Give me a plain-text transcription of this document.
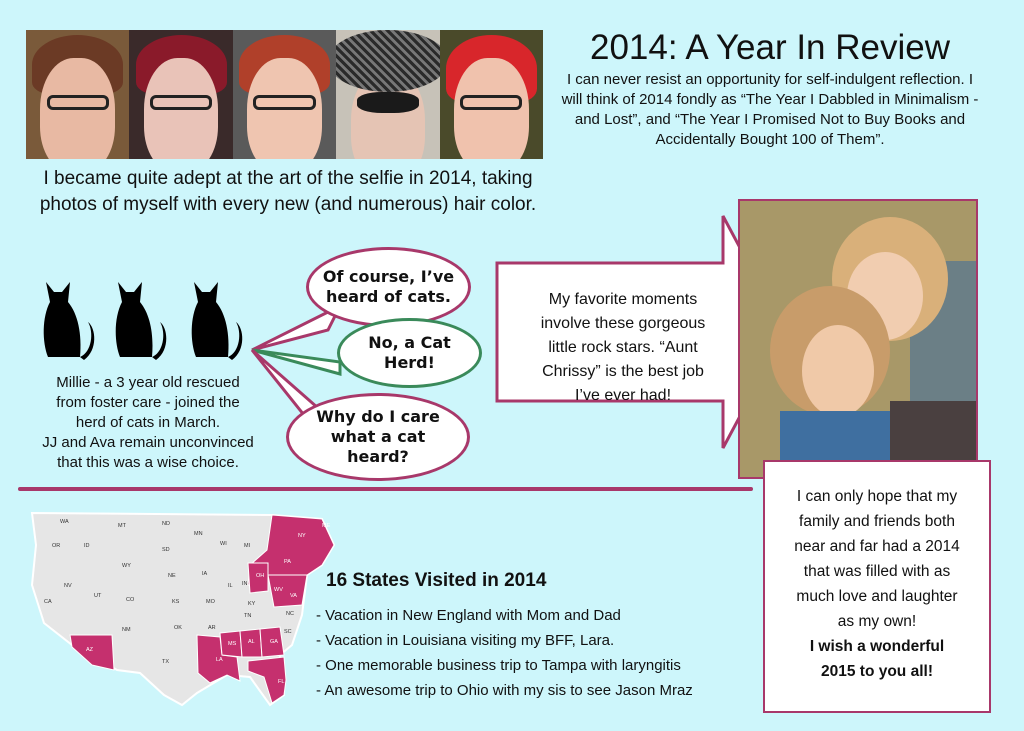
I became quite adept at the art of the selfie in 2014, taking
photos of myself with every new (and numerous) hair color.
2014: A Year In Review
I can never resist an opportunity for self-indulgent reflection. I will think of 2014 fondly as “The Year I Dabbled in Minimalism - and Lost”, and “The Year I Promised Not to Buy Books and Accidentally Bought 100 of Them”.
Millie - a 3 year old rescued
from foster care - joined the
herd of cats in March.
JJ and Ava remain unconvinced
that this was a wise choice.
Of course, I’ve
heard of cats.
No, a Cat
Herd!
Why do I care
what a cat
heard?
My favorite moments
involve these gorgeous
little rock stars. “Aunt
Chrissy” is the best job
I’ve ever had!
I can only hope that my
family and friends both
near and far had a 2014
that was filled with as
much love and laughter
as my own!
I wish a wonderful
2015 to you all!
WA
OR	ID
MT	ND
MN
WI	MI
NY
ME
SD
WY
NE	IA
IL IN
OH
PA
NV
UT
CO	KS	MO	KY
WV
VA
CA
AZ
NM	OK	AR
TN	NC
SC
TX	LA
MS AL	GA
FL
16 States Visited in 2014
- Vacation in New England with Mom and Dad
- Vacation in Louisiana visiting my BFF, Lara.
- One memorable business trip to Tampa with laryngitis
- An awesome trip to Ohio with my sis to see Jason Mraz
